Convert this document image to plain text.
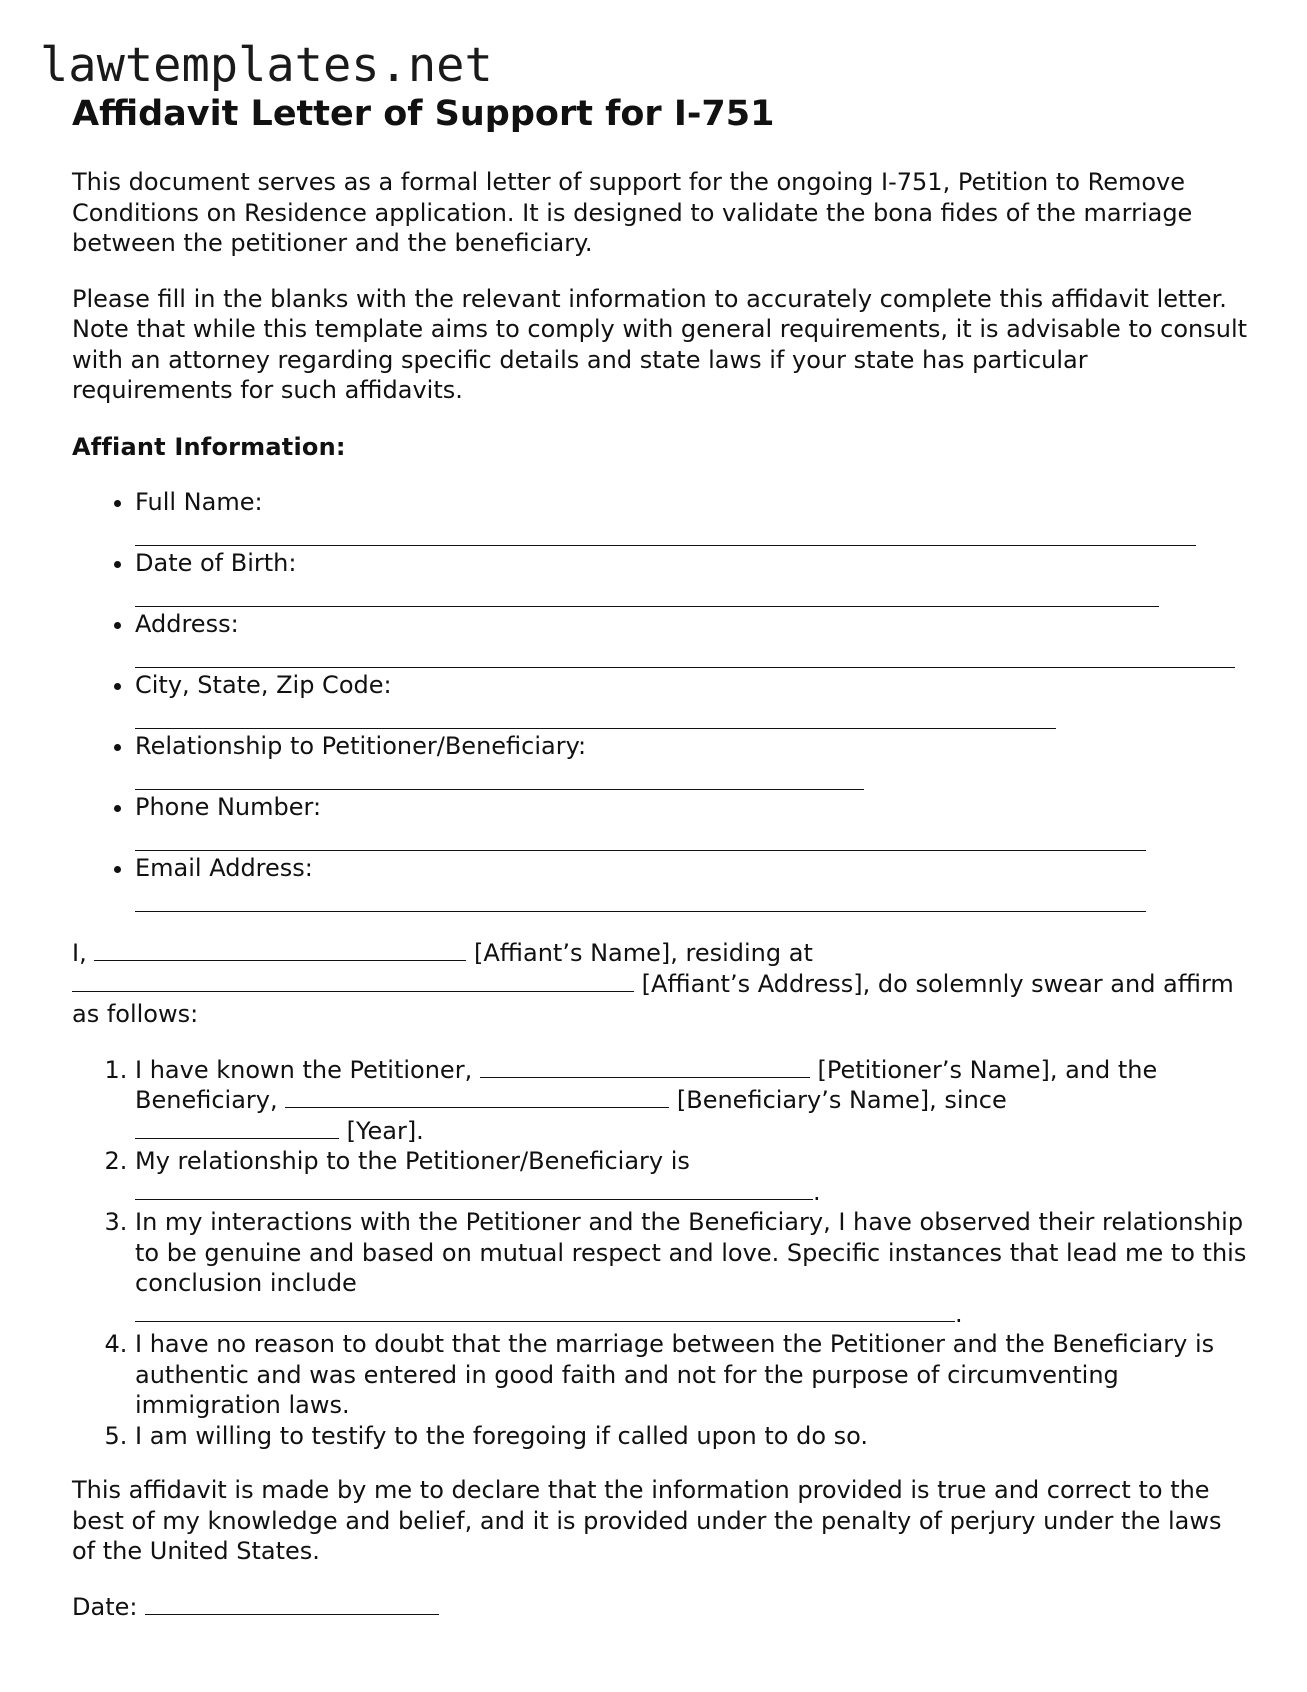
lawtemplates.net
Affidavit Letter of Support for I-751

This document serves as a formal letter of support for the ongoing I-751, Petition to Remove Conditions on Residence application. It is designed to validate the bona fides of the marriage between the petitioner and the beneficiary.

Please fill in the blanks with the relevant information to accurately complete this affidavit letter. Note that while this template aims to comply with general requirements, it is advisable to consult with an attorney regarding specific details and state laws if your state has particular requirements for such affidavits.

Affiant Information:

• Full Name:
• Date of Birth:
• Address:
• City, State, Zip Code:
• Relationship to Petitioner/Beneficiary:
• Phone Number:
• Email Address:

I,	[Affiant’s Name], residing at
[Affiant’s Address], do solemnly swear and affirm as follows:

1. I have known the Petitioner,	[Petitioner’s Name], and the Beneficiary,	[Beneficiary’s Name], since
[Year].
2. My relationship to the Petitioner/Beneficiary is
.
3. In my interactions with the Petitioner and the Beneficiary, I have observed their relationship to be genuine and based on mutual respect and love. Specific instances that lead me to this conclusion include
.
4. I have no reason to doubt that the marriage between the Petitioner and the Beneficiary is authentic and was entered in good faith and not for the purpose of circumventing immigration laws.
5. I am willing to testify to the foregoing if called upon to do so.

This affidavit is made by me to declare that the information provided is true and correct to the best of my knowledge and belief, and it is provided under the penalty of perjury under the laws of the United States.

Date:
